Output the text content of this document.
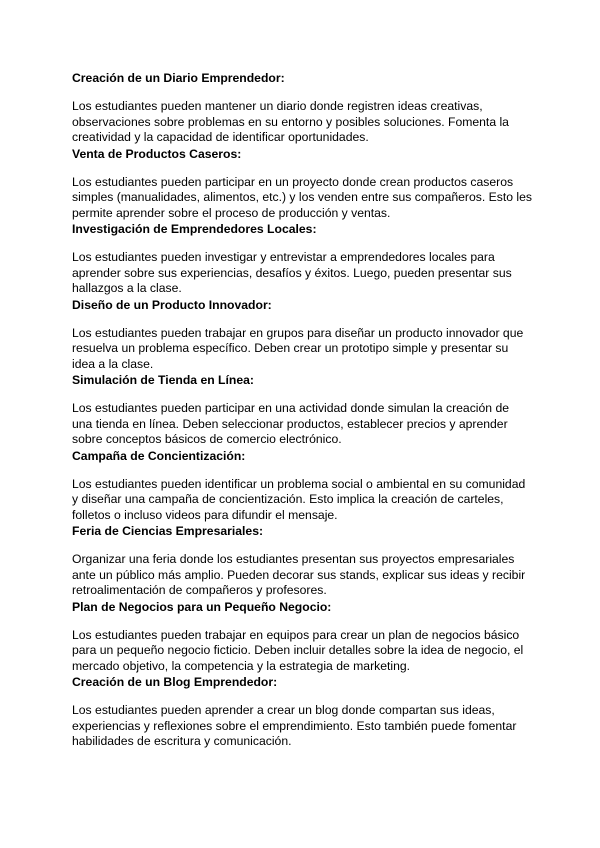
Creación de un Diario Emprendedor:

Los estudiantes pueden mantener un diario donde registren ideas creativas, observaciones sobre problemas en su entorno y posibles soluciones. Fomenta la creatividad y la capacidad de identificar oportunidades.

Venta de Productos Caseros:

Los estudiantes pueden participar en un proyecto donde crean productos caseros simples (manualidades, alimentos, etc.) y los venden entre sus compañeros. Esto les permite aprender sobre el proceso de producción y ventas.

Investigación de Emprendedores Locales:

Los estudiantes pueden investigar y entrevistar a emprendedores locales para aprender sobre sus experiencias, desafíos y éxitos. Luego, pueden presentar sus hallazgos a la clase.

Diseño de un Producto Innovador:

Los estudiantes pueden trabajar en grupos para diseñar un producto innovador que resuelva un problema específico. Deben crear un prototipo simple y presentar su idea a la clase.

Simulación de Tienda en Línea:

Los estudiantes pueden participar en una actividad donde simulan la creación de una tienda en línea. Deben seleccionar productos, establecer precios y aprender sobre conceptos básicos de comercio electrónico.

Campaña de Concientización:

Los estudiantes pueden identificar un problema social o ambiental en su comunidad y diseñar una campaña de concientización. Esto implica la creación de carteles, folletos o incluso videos para difundir el mensaje.

Feria de Ciencias Empresariales:

Organizar una feria donde los estudiantes presentan sus proyectos empresariales ante un público más amplio. Pueden decorar sus stands, explicar sus ideas y recibir retroalimentación de compañeros y profesores.

Plan de Negocios para un Pequeño Negocio:

Los estudiantes pueden trabajar en equipos para crear un plan de negocios básico para un pequeño negocio ficticio. Deben incluir detalles sobre la idea de negocio, el mercado objetivo, la competencia y la estrategia de marketing.

Creación de un Blog Emprendedor:

Los estudiantes pueden aprender a crear un blog donde compartan sus ideas, experiencias y reflexiones sobre el emprendimiento. Esto también puede fomentar habilidades de escritura y comunicación.
